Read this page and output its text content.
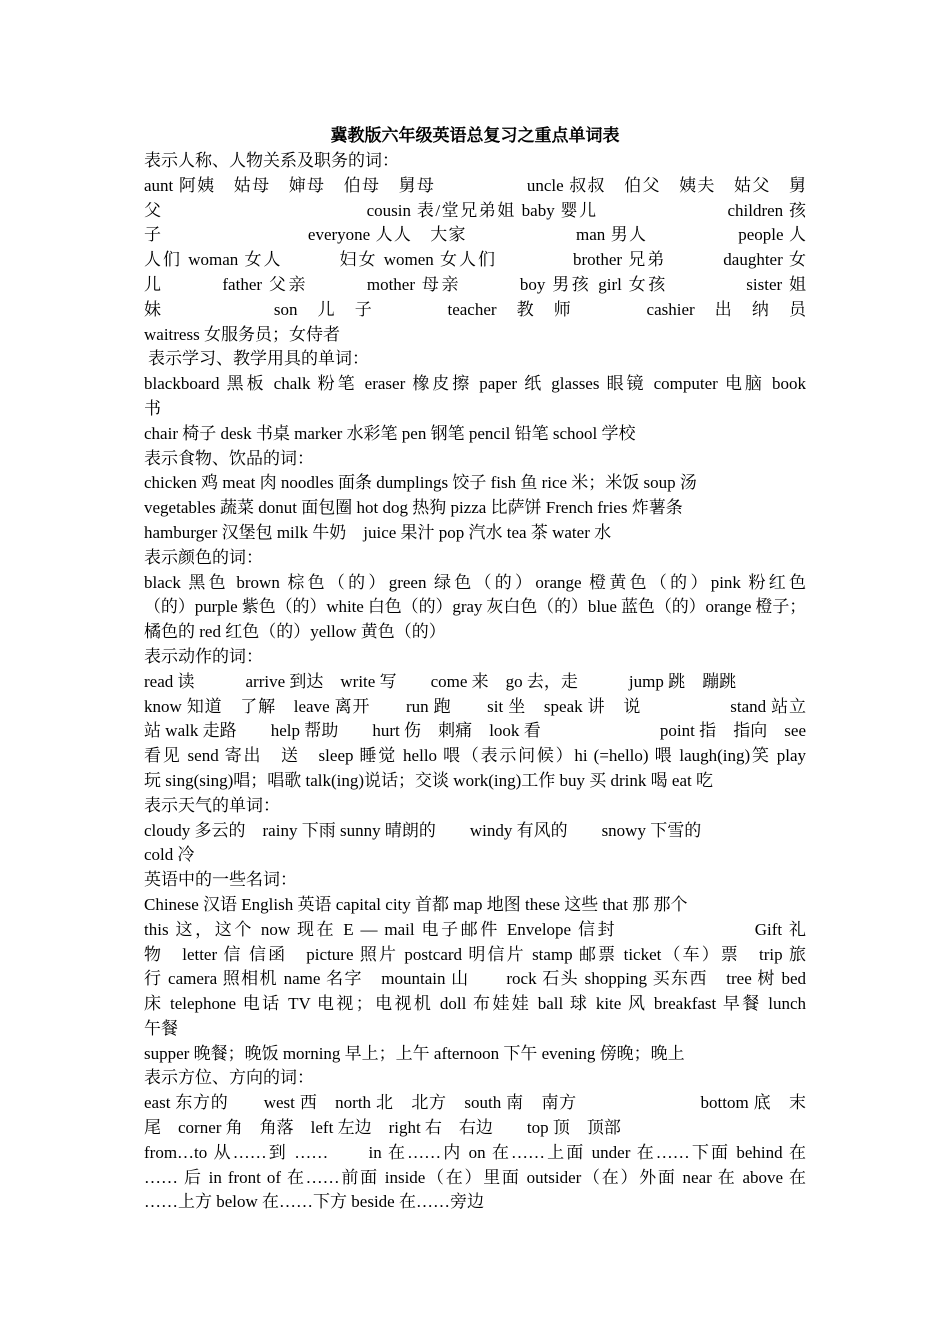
冀教版六年级英语总复习之重点单词表

表示人称、人物关系及职务的词：

aunt 阿姨　姑母　婶母　伯母　舅母　　　　　uncle 叔叔　伯父　姨夫　姑父　舅

父　　　　　　　　　　　cousin 表/堂兄弟姐 baby 婴儿　　　　　　　children 孩

子　　　　　　　　everyone 人人　大家　　　　　　man 男人　　　　　people 人

人们 woman 女人　　　妇女 women 女人们　　　　brother 兄弟　　　daughter 女

儿　　　father 父亲　　　mother 母亲　　　boy 男孩 girl 女孩　　　　sister 姐

妹　　　　　　son　儿　子　　　　teacher　教　师　　　　cashier　出　纳　员

waitress 女服务员；女侍者

表示学习、教学用具的单词：

blackboard 黑板 chalk 粉笔 eraser 橡皮擦 paper 纸 glasses 眼镜 computer 电脑 book

书

chair 椅子 desk 书桌 marker 水彩笔 pen 钢笔 pencil 铅笔 school 学校

表示食物、饮品的词：

chicken 鸡 meat 肉 noodles 面条 dumplings 饺子 fish 鱼 rice 米；米饭 soup 汤

vegetables 蔬菜 donut 面包圈 hot dog 热狗 pizza 比萨饼 French fries 炸薯条

hamburger 汉堡包 milk 牛奶　juice 果汁 pop 汽水 tea 茶 water 水

表示颜色的词：

black 黑色 brown 棕色（的）green 绿色（的）orange 橙黄色（的）pink 粉红色

（的）purple 紫色（的）white 白色（的）gray 灰白色（的）blue 蓝色（的）orange 橙子；

橘色的 red 红色（的）yellow 黄色（的）

表示动作的词：

read 读　　　arrive 到达　write 写　　come 来　go 去，走　　　jump 跳　蹦跳

know 知道　了解　leave 离开　　run 跑　　sit 坐　speak 讲　说　　　　　stand 站立

站 walk 走路　　help 帮助　　hurt 伤　刺痛　look 看　　　　　　　point 指　指向　see

看见 send 寄出　送　sleep 睡觉 hello 喂（表示问候）hi (=hello) 喂 laugh(ing)笑 play

玩 sing(sing)唱；唱歌 talk(ing)说话；交谈 work(ing)工作 buy 买 drink 喝 eat 吃

表示天气的单词：

cloudy 多云的　rainy 下雨 sunny 晴朗的　　windy 有风的　　snowy 下雪的

cold 冷

英语中的一些名词：

Chinese 汉语 English 英语 capital city 首都 map 地图 these 这些 that 那 那个

this 这，这个 now 现在 E — mail 电子邮件 Envelope 信封　　　　　　　Gift 礼

物　letter 信 信函　picture 照片 postcard 明信片 stamp 邮票 ticket（车）票　trip 旅

行 camera 照相机 name 名字　mountain 山　　rock 石头 shopping 买东西　tree 树 bed

床 telephone 电话 TV 电视；电视机 doll 布娃娃 ball 球 kite 风 breakfast 早餐 lunch

午餐

supper 晚餐；晚饭 morning 早上；上午 afternoon 下午 evening 傍晚；晚上

表示方位、方向的词：

east 东方的　　west 西　north 北　北方　south 南　南方　　　　　　　bottom 底　末

尾　corner 角　角落　left 左边　right 右　右边　　top 顶　顶部

from…to 从……到 ……　　in 在……内 on 在……上面 under 在……下面 behind 在

…… 后 in front of 在……前面 inside（在）里面 outsider（在）外面 near 在 above 在

……上方 below 在……下方 beside 在……旁边
